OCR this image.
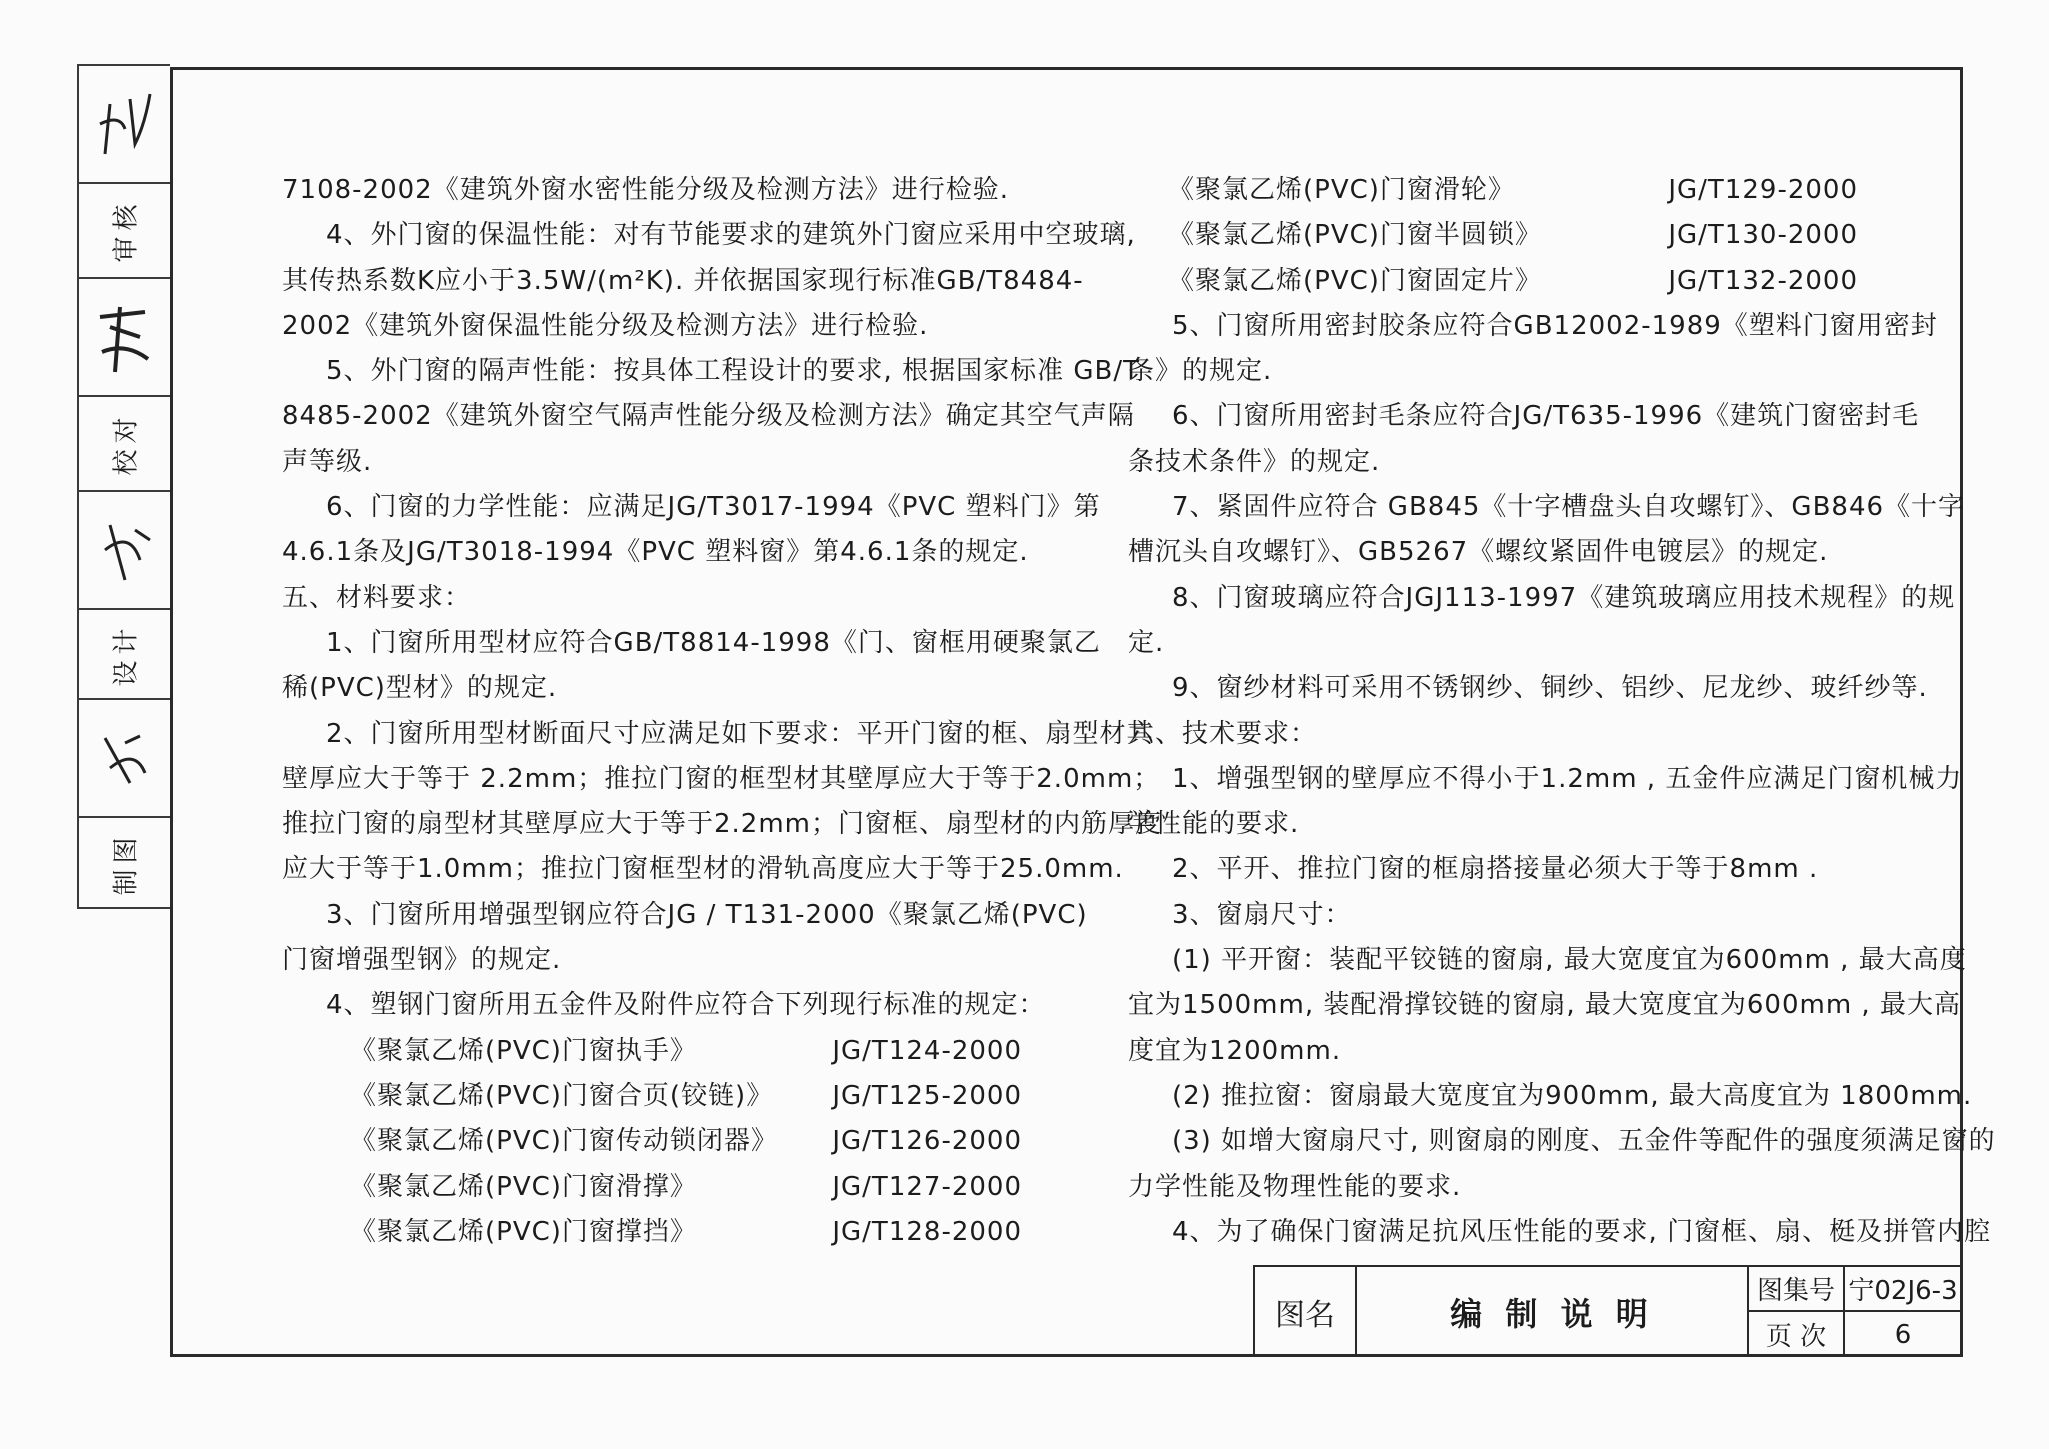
审核
校对
设计
制图

7108-2002《建筑外窗水密性能分级及检测方法》进行检验.

4、外门窗的保温性能：对有节能要求的建筑外门窗应采用中空玻璃,

其传热系数K应小于3.5W/(m²K). 并依据国家现行标准GB/T8484-

2002《建筑外窗保温性能分级及检测方法》进行检验.

5、外门窗的隔声性能：按具体工程设计的要求, 根据国家标准 GB/T

8485-2002《建筑外窗空气隔声性能分级及检测方法》确定其空气声隔

声等级.

6、门窗的力学性能：应满足JG/T3017-1994《PVC 塑料门》第

4.6.1条及JG/T3018-1994《PVC 塑料窗》第4.6.1条的规定.

五、材料要求：

1、门窗所用型材应符合GB/T8814-1998《门、窗框用硬聚氯乙

稀(PVC)型材》的规定.

2、门窗所用型材断面尺寸应满足如下要求：平开门窗的框、扇型材其

壁厚应大于等于 2.2mm；推拉门窗的框型材其壁厚应大于等于2.0mm；

推拉门窗的扇型材其壁厚应大于等于2.2mm；门窗框、扇型材的内筋厚度

应大于等于1.0mm；推拉门窗框型材的滑轨高度应大于等于25.0mm.

3、门窗所用增强型钢应符合JG / T131-2000《聚氯乙烯(PVC)

门窗增强型钢》的规定.

4、塑钢门窗所用五金件及附件应符合下列现行标准的规定：

《聚氯乙烯(PVC)门窗执手》	JG/T124-2000
《聚氯乙烯(PVC)门窗合页(铰链)》 JG/T125-2000
《聚氯乙烯(PVC)门窗传动锁闭器》 JG/T126-2000
《聚氯乙烯(PVC)门窗滑撑》	JG/T127-2000
《聚氯乙烯(PVC)门窗撑挡》	JG/T128-2000
《聚氯乙烯(PVC)门窗滑轮》	JG/T129-2000
《聚氯乙烯(PVC)门窗半圆锁》	JG/T130-2000
《聚氯乙烯(PVC)门窗固定片》	JG/T132-2000

5、门窗所用密封胶条应符合GB12002-1989《塑料门窗用密封

条》的规定.

6、门窗所用密封毛条应符合JG/T635-1996《建筑门窗密封毛

条技术条件》的规定.

7、紧固件应符合 GB845《十字槽盘头自攻螺钉》、GB846《十字

槽沉头自攻螺钉》、GB5267《螺纹紧固件电镀层》的规定.

8、门窗玻璃应符合JGJ113-1997《建筑玻璃应用技术规程》的规

定.

9、窗纱材料可采用不锈钢纱、铜纱、铝纱、尼龙纱、玻纤纱等.

六、技术要求：

1、增强型钢的壁厚应不得小于1.2mm , 五金件应满足门窗机械力

学性能的要求.

2、平开、推拉门窗的框扇搭接量必须大于等于8mm .

3、窗扇尺寸：

(1) 平开窗：装配平铰链的窗扇, 最大宽度宜为600mm , 最大高度

宜为1500mm, 装配滑撑铰链的窗扇, 最大宽度宜为600mm , 最大高

度宜为1200mm.

(2) 推拉窗：窗扇最大宽度宜为900mm, 最大高度宜为 1800mm.

(3) 如增大窗扇尺寸, 则窗扇的刚度、五金件等配件的强度须满足窗的

力学性能及物理性能的要求.

4、为了确保门窗满足抗风压性能的要求, 门窗框、扇、梃及拼管内腔

图名	编 制 说 明
图集号 宁02J6-3
页 次	6
